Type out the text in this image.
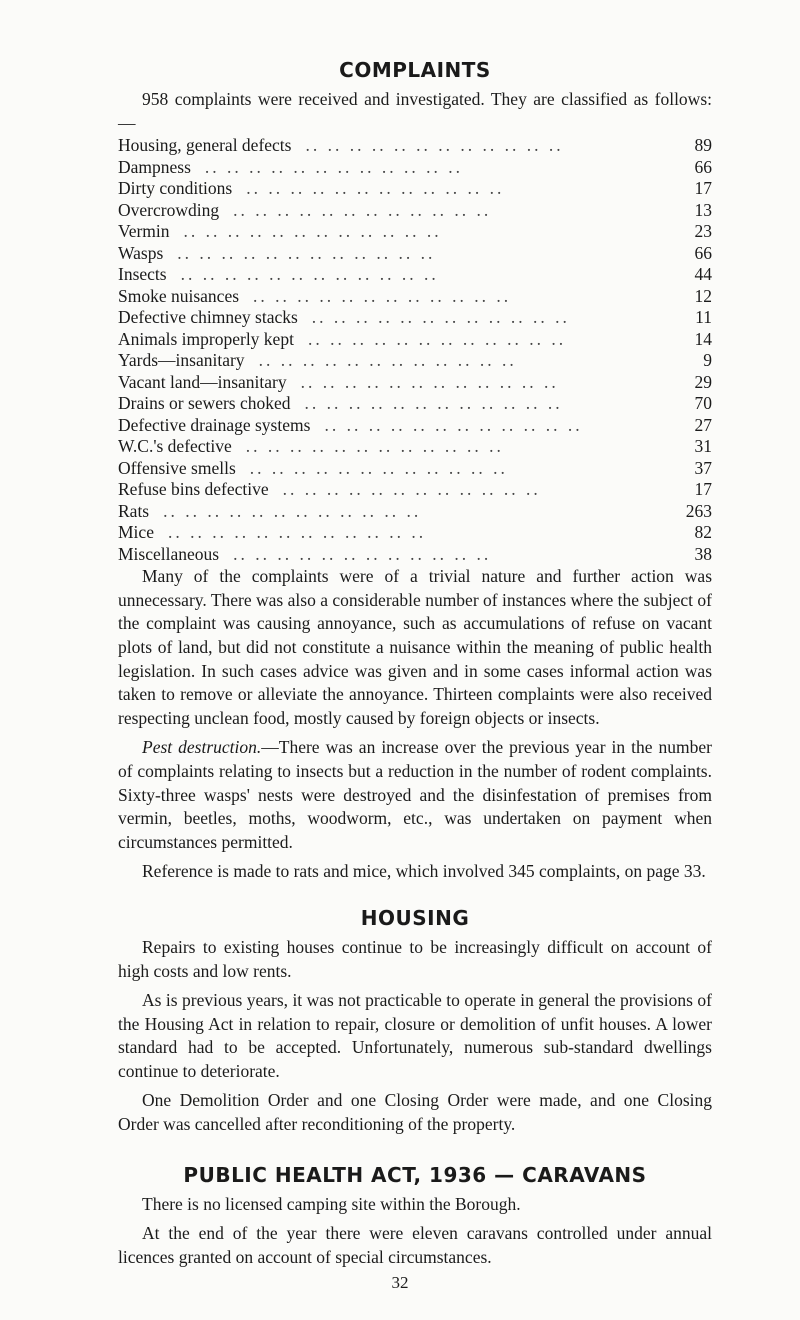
COMPLAINTS

958 complaints were received and investigated. They are classified as follows: —

Housing, general defects .. .. .. .. .. .. .. .. .. .. .. ..	89
Dampness .. .. .. .. .. .. .. .. .. .. .. ..	66
Dirty conditions .. .. .. .. .. .. .. .. .. .. .. ..	17
Overcrowding .. .. .. .. .. .. .. .. .. .. .. ..	13
Vermin .. .. .. .. .. .. .. .. .. .. .. ..	23
Wasps .. .. .. .. .. .. .. .. .. .. .. ..	66
Insects .. .. .. .. .. .. .. .. .. .. .. ..	44
Smoke nuisances .. .. .. .. .. .. .. .. .. .. .. ..	12
Defective chimney stacks .. .. .. .. .. .. .. .. .. .. .. ..	11
Animals improperly kept .. .. .. .. .. .. .. .. .. .. .. ..	14
Yards—insanitary .. .. .. .. .. .. .. .. .. .. .. ..	9
Vacant land—insanitary .. .. .. .. .. .. .. .. .. .. .. ..	29
Drains or sewers choked .. .. .. .. .. .. .. .. .. .. .. ..	70
Defective drainage systems .. .. .. .. .. .. .. .. .. .. .. ..	27
W.C.'s defective .. .. .. .. .. .. .. .. .. .. .. ..	31
Offensive smells .. .. .. .. .. .. .. .. .. .. .. ..	37
Refuse bins defective .. .. .. .. .. .. .. .. .. .. .. ..	17
Rats .. .. .. .. .. .. .. .. .. .. .. ..	263
Mice .. .. .. .. .. .. .. .. .. .. .. ..	82
Miscellaneous .. .. .. .. .. .. .. .. .. .. .. ..	38

Many of the complaints were of a trivial nature and further action was unnecessary. There was also a considerable number of instances where the subject of the complaint was causing annoyance, such as accumulations of refuse on vacant plots of land, but did not constitute a nuisance within the meaning of public health legislation. In such cases advice was given and in some cases informal action was taken to remove or alleviate the annoyance. Thirteen complaints were also received respecting unclean food, mostly caused by foreign objects or insects.

Pest destruction.—There was an increase over the previous year in the number of complaints relating to insects but a reduction in the number of rodent complaints. Sixty-three wasps' nests were destroyed and the disinfestation of premises from vermin, beetles, moths, woodworm, etc., was undertaken on payment when circumstances permitted.

Reference is made to rats and mice, which involved 345 complaints, on page 33.

HOUSING

Repairs to existing houses continue to be increasingly difficult on account of high costs and low rents.

As is previous years, it was not practicable to operate in general the provisions of the Housing Act in relation to repair, closure or demolition of unfit houses. A lower standard had to be accepted. Unfortunately, numerous sub-standard dwellings continue to deteriorate.

One Demolition Order and one Closing Order were made, and one Closing Order was cancelled after reconditioning of the property.

PUBLIC HEALTH ACT, 1936 — CARAVANS

There is no licensed camping site within the Borough.

At the end of the year there were eleven caravans controlled under annual licences granted on account of special circumstances.

32
